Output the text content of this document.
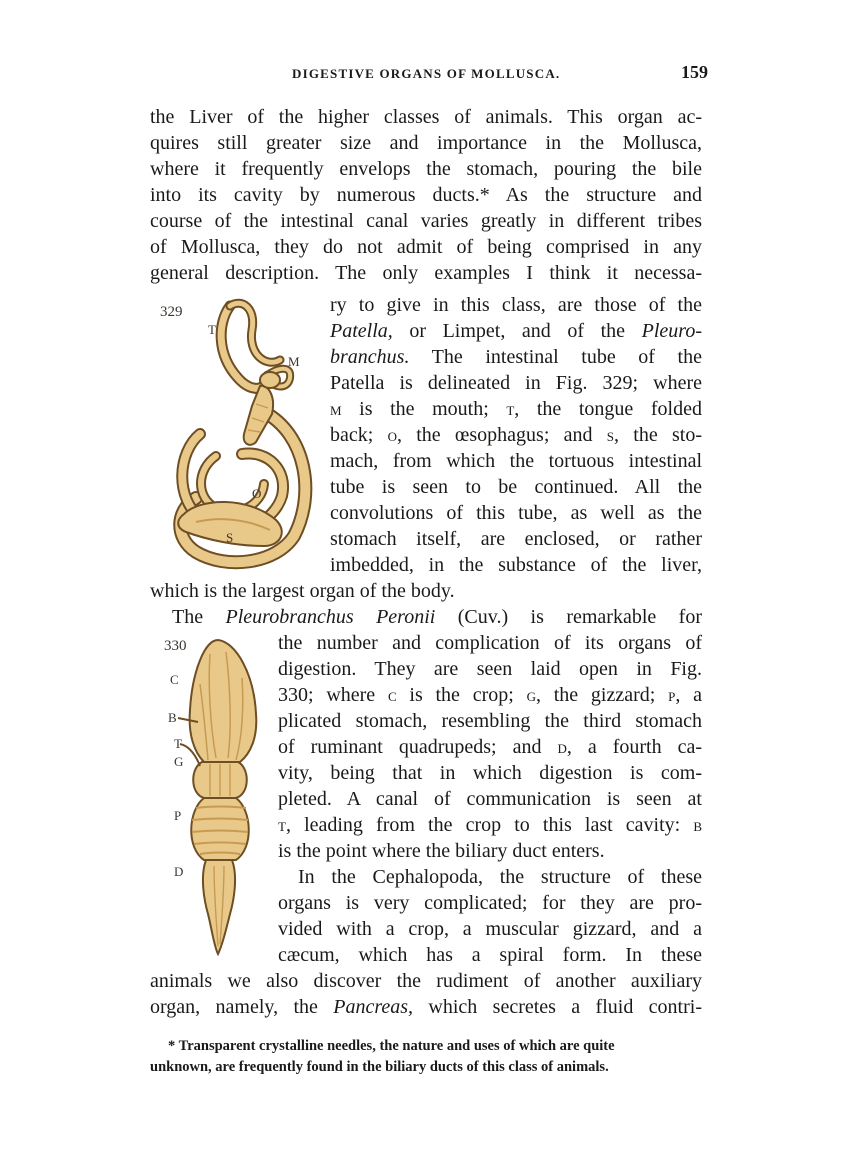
DIGESTIVE ORGANS OF MOLLUSCA.	159
the Liver of the higher classes of animals. This organ ac-
quires still greater size and importance in the Mollusca,
where it frequently envelops the stomach, pouring the bile
into its cavity by numerous ducts.* As the structure and
course of the intestinal canal varies greatly in different tribes
of Mollusca, they do not admit of being comprised in any
general description. The only examples I think it necessa-
329
T
M
O
S
ry to give in this class, are those of the
Patella, or Limpet, and of the Pleuro-
branchus. The intestinal tube of the
Patella is delineated in Fig. 329; where
M is the mouth; T, the tongue folded
back; O, the œsophagus; and S, the sto-
mach, from which the tortuous intestinal
tube is seen to be continued. All the
convolutions of this tube, as well as the
stomach itself, are enclosed, or rather
imbedded, in the substance of the liver,
which is the largest organ of the body.
330
C
B
T
G
P
D
The Pleurobranchus Peronii (Cuv.) is remarkable for
the number and complication of its organs of
digestion. They are seen laid open in Fig.
330; where C is the crop; G, the gizzard; P, a
plicated stomach, resembling the third stomach
of ruminant quadrupeds; and D, a fourth ca-
vity, being that in which digestion is com-
pleted. A canal of communication is seen at
T, leading from the crop to this last cavity: B
is the point where the biliary duct enters.
In the Cephalopoda, the structure of these
organs is very complicated; for they are pro-
vided with a crop, a muscular gizzard, and a
cæcum, which has a spiral form. In these
animals we also discover the rudiment of another auxiliary
organ, namely, the Pancreas, which secretes a fluid contri-
* Transparent crystalline needles, the nature and uses of which are quite
unknown, are frequently found in the biliary ducts of this class of animals.
